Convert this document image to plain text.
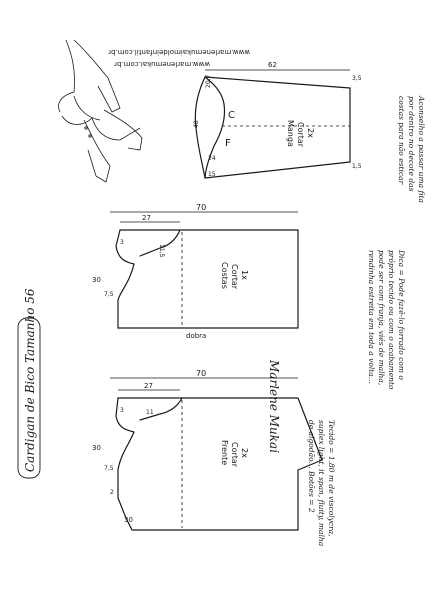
Cardigan de Bico Tamanho 56
www.marlenemukai.com.br
www.marlenemukaimoldeinfantil.com.br
62
20,7
48
3,5
1,5
24
15
F
C
Manga Cortar 2x
70
27
3
11,5
30
7,5
dobra
Costas Cortar 1x
70
27
11
3
30
7,5
2
30
Frente Cortar 2x Marlene Mukai
Tecido = 1.80 m de viscolycra, suplex light, it span, fluity, malha de algodão... Botões = 2
Dica = Pode fazê-lo forrado com o próprio tecido ou com o acabamento pode ser com franja, viés de malha, rendinha estreita em toda a volta...
Aconselho a passar uma fita por dentro no decote das costas para não esticar
